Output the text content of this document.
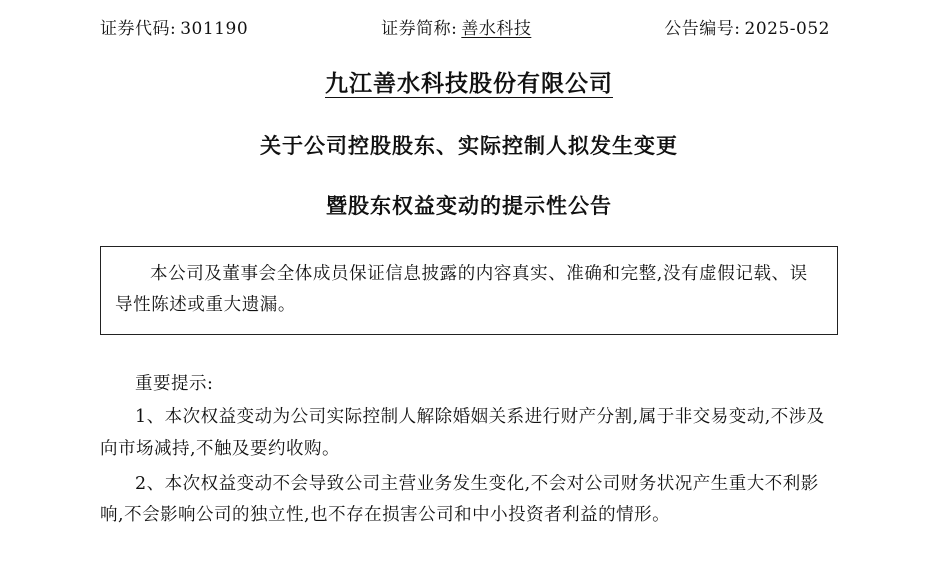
证券代码: 301190	证券简称: 善水科技	公告编号: 2025-052
九江善水科技股份有限公司
关于公司控股股东、实际控制人拟发生变更
暨股东权益变动的提示性公告

本公司及董事会全体成员保证信息披露的内容真实、准确和完整,没有虚假记载、误导性陈述或重大遗漏。

重要提示:

1、本次权益变动为公司实际控制人解除婚姻关系进行财产分割,属于非交易变动,不涉及向市场减持,不触及要约收购。

2、本次权益变动不会导致公司主营业务发生变化,不会对公司财务状况产生重大不利影响,不会影响公司的独立性,也不存在损害公司和中小投资者利益的情形。
